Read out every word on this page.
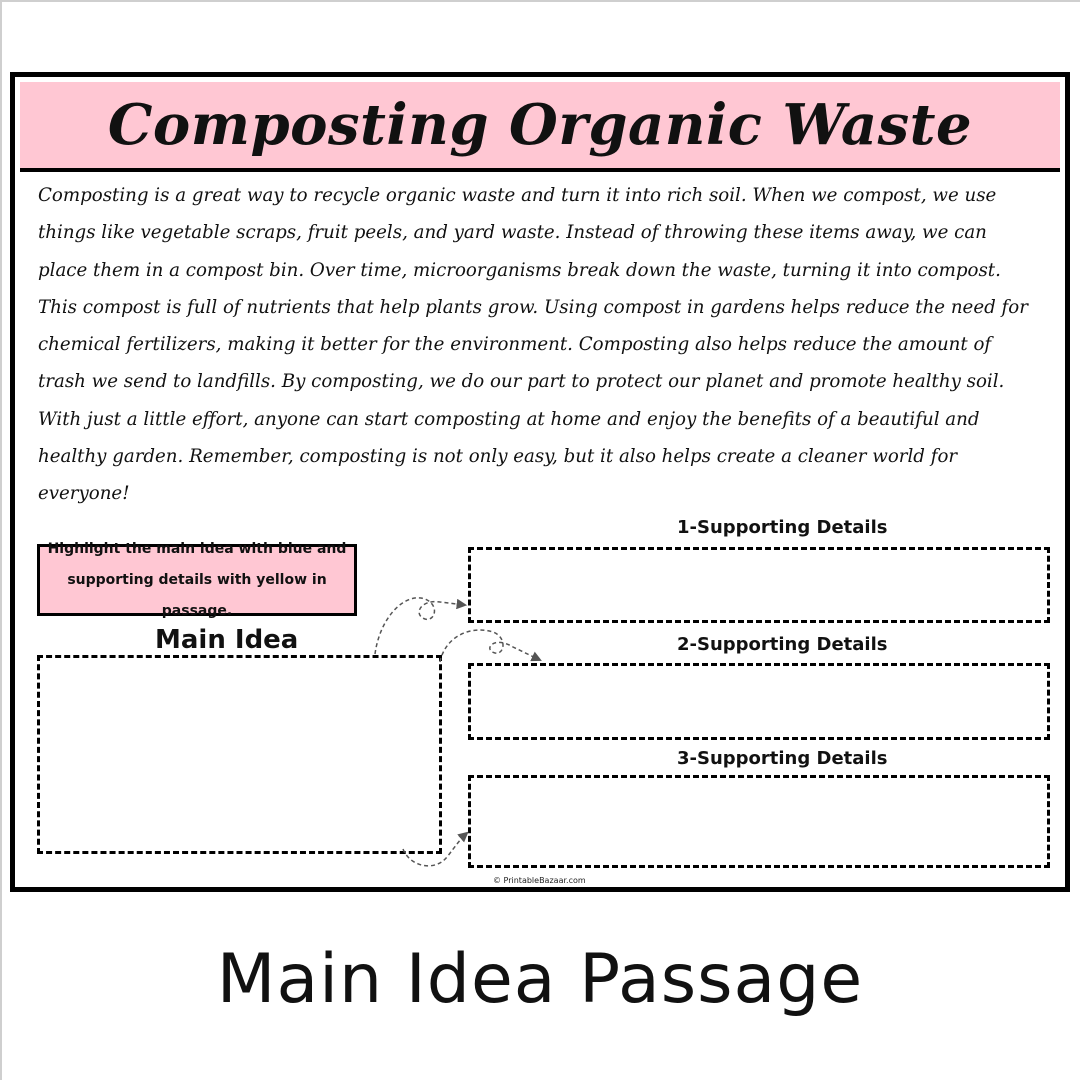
Composting Organic Waste
Composting is a great way to recycle organic waste and turn it into rich soil. When we compost, we use things like vegetable scraps, fruit peels, and yard waste. Instead of throwing these items away, we can place them in a compost bin. Over time, microorganisms break down the waste, turning it into compost. This compost is full of nutrients that help plants grow. Using compost in gardens helps reduce the need for chemical fertilizers, making it better for the environment. Composting also helps reduce the amount of trash we send to landfills. By composting, we do our part to protect our planet and promote healthy soil. With just a little effort, anyone can start composting at home and enjoy the benefits of a beautiful and healthy garden. Remember, composting is not only easy, but it also helps create a cleaner world for everyone!
Highlight the main idea with blue and supporting details with yellow in passage.
Main Idea
1-Supporting Details
2-Supporting Details
3-Supporting Details
© PrintableBazaar.com
Main Idea Passage
